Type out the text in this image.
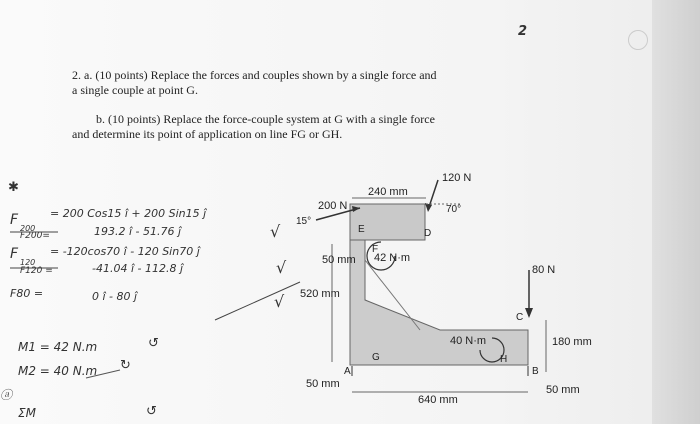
2
2. a. (10 points) Replace the forces and couples shown by a single force and
a single couple at point G.
b. (10 points) Replace the force-couple system at G with a single force
and determine its point of application on line FG or GH.
✱
F
200
= 200 Cos15 î + 200 Sin15 ĵ
F200=	193.2 î - 51.76 ĵ
F
120
= -120cos70 î - 120 Sin70 ĵ
F120 =	-41.04 î - 112.8 ĵ
F80 =	0 î - 80 ĵ
√
√
√
M1 = 42 N.m	↺
M2 = 40 N.m ↻
ⓐ
ΣM	↺
200 N
15°
240 mm
120 N
70°
D
E
F
42 N·m
50 mm
520 mm
G
A
50 mm
640 mm
80 N
C
40 N·m
H
180 mm
B
50 mm
